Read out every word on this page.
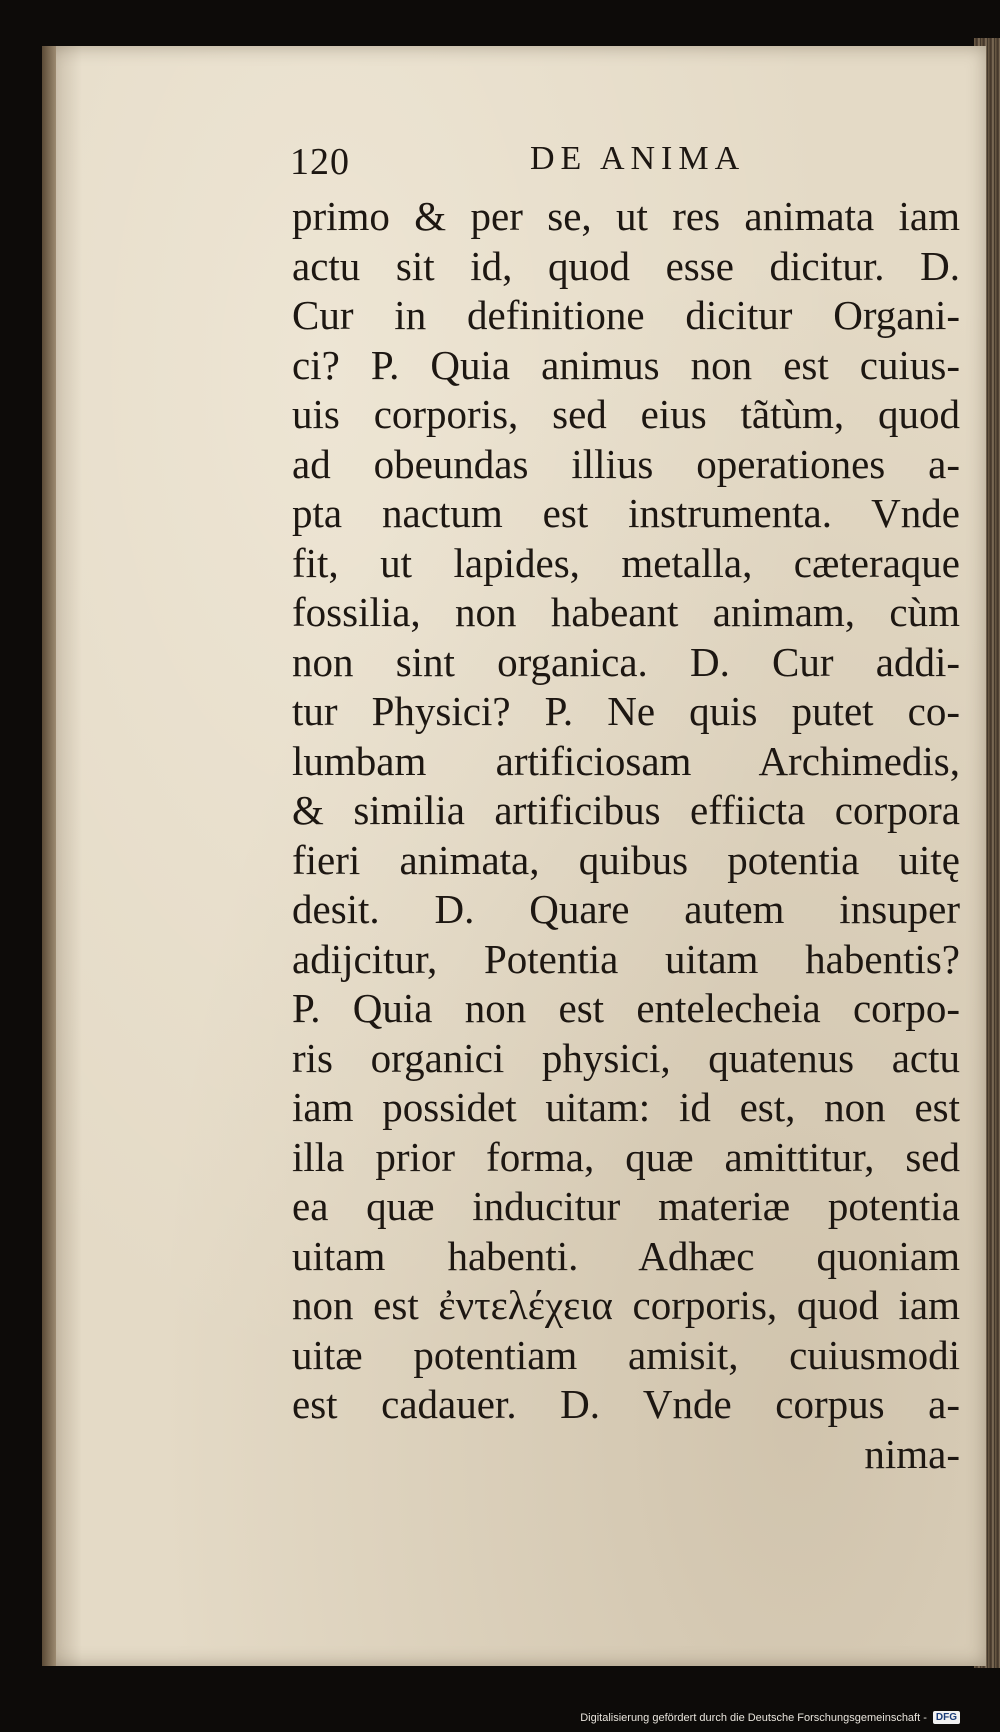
120	DE ANIMA
primo & per se, ut res animata iam
actu sit id, quod esse dicitur. D.
Cur in definitione dicitur Organi-
ci? P. Quia animus non est cuius-
uis corporis, sed eius tãtùm, quod
ad obeundas illius operationes a-
pta nactum est instrumenta. Vnde
fit, ut lapides, metalla, cæteraque
fossilia, non habeant animam, cùm
non sint organica. D. Cur addi-
tur Physici? P. Ne quis putet co-
lumbam artificiosam Archimedis,
& similia artificibus effiictа corpora
fieri animata, quibus potentia uitę
desit. D. Quare autem insuper
adijcitur, Potentia uitam habentis?
P. Quia non est entelecheia corpo-
ris organici physici, quatenus actu
iam possidet uitam: id est, non est
illa prior forma, quæ amittitur, sed
ea quæ inducitur materiæ potentia
uitam habenti. Adhæc quoniam
non est ἐντελέχεια corporis, quod iam
uitæ potentiam amisit, cuiusmodi
est cadauer. D. Vnde corpus a-
nima-
Digitalisierung gefördert durch die Deutsche Forschungsgemeinschaft - DFG
